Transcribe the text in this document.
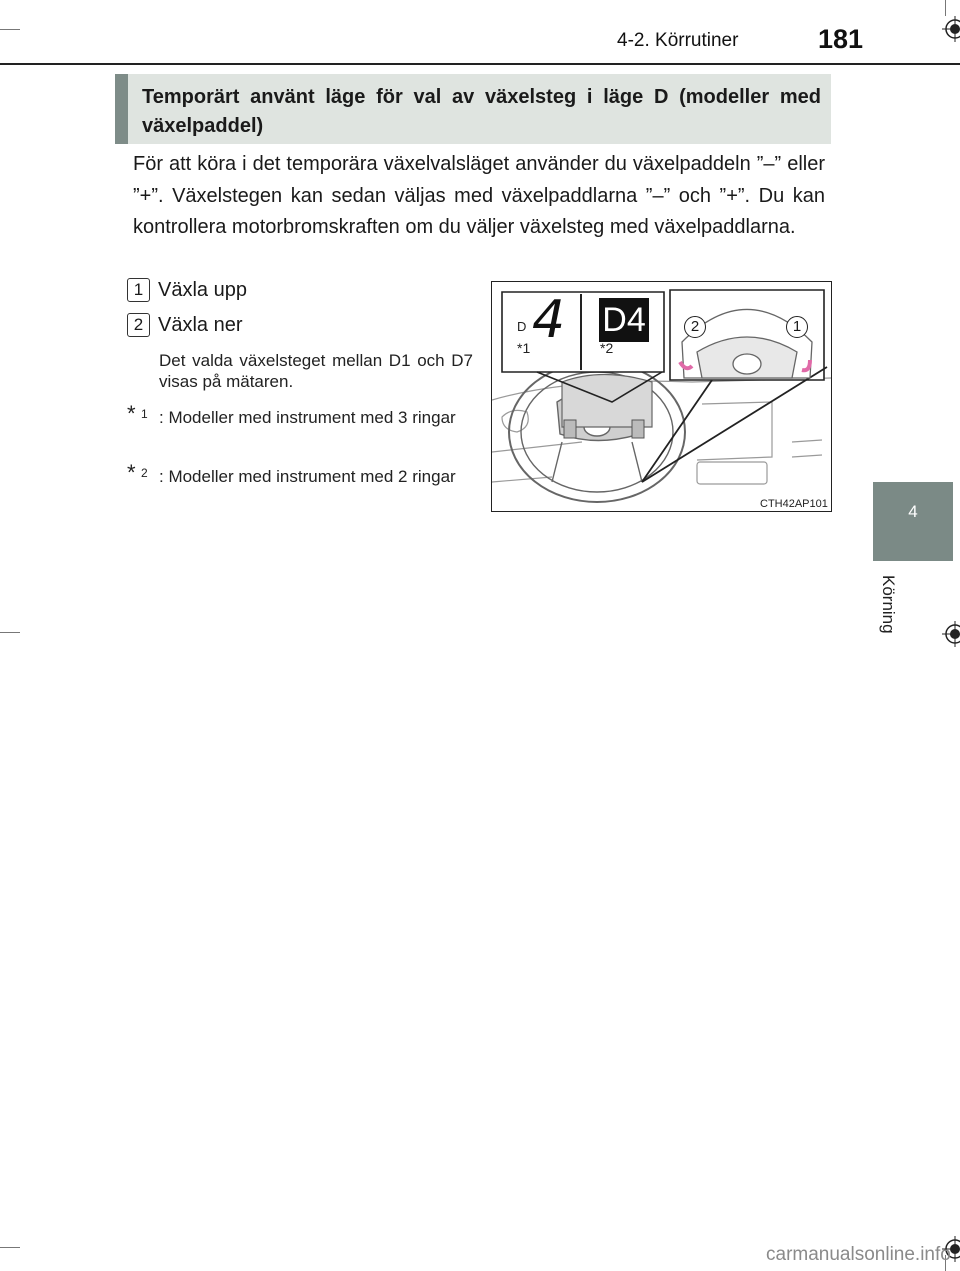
4-2. Körrutiner	181
4
Körning
Temporärt använt läge för val av växelsteg i läge D (modeller med växelpaddel)
För att köra i det temporära växelvalsläget använder du växelpaddeln ”–” eller ”+”. Växelstegen kan sedan väljas med växelpaddlarna ”–” och ”+”. Du kan kontrollera motorbromskraften om du väljer växelsteg med växelpaddlarna.
1 Växla upp
2 Växla ner
Det valda växelsteget mellan D1 och D7 visas på mätaren.
* 1 : Modeller med instrument med 3 ringar
* 2 : Modeller med instrument med 2 ringar
D 4 D4
*1	*2
2	1
CTH42AP101
carmanualsonline.info
